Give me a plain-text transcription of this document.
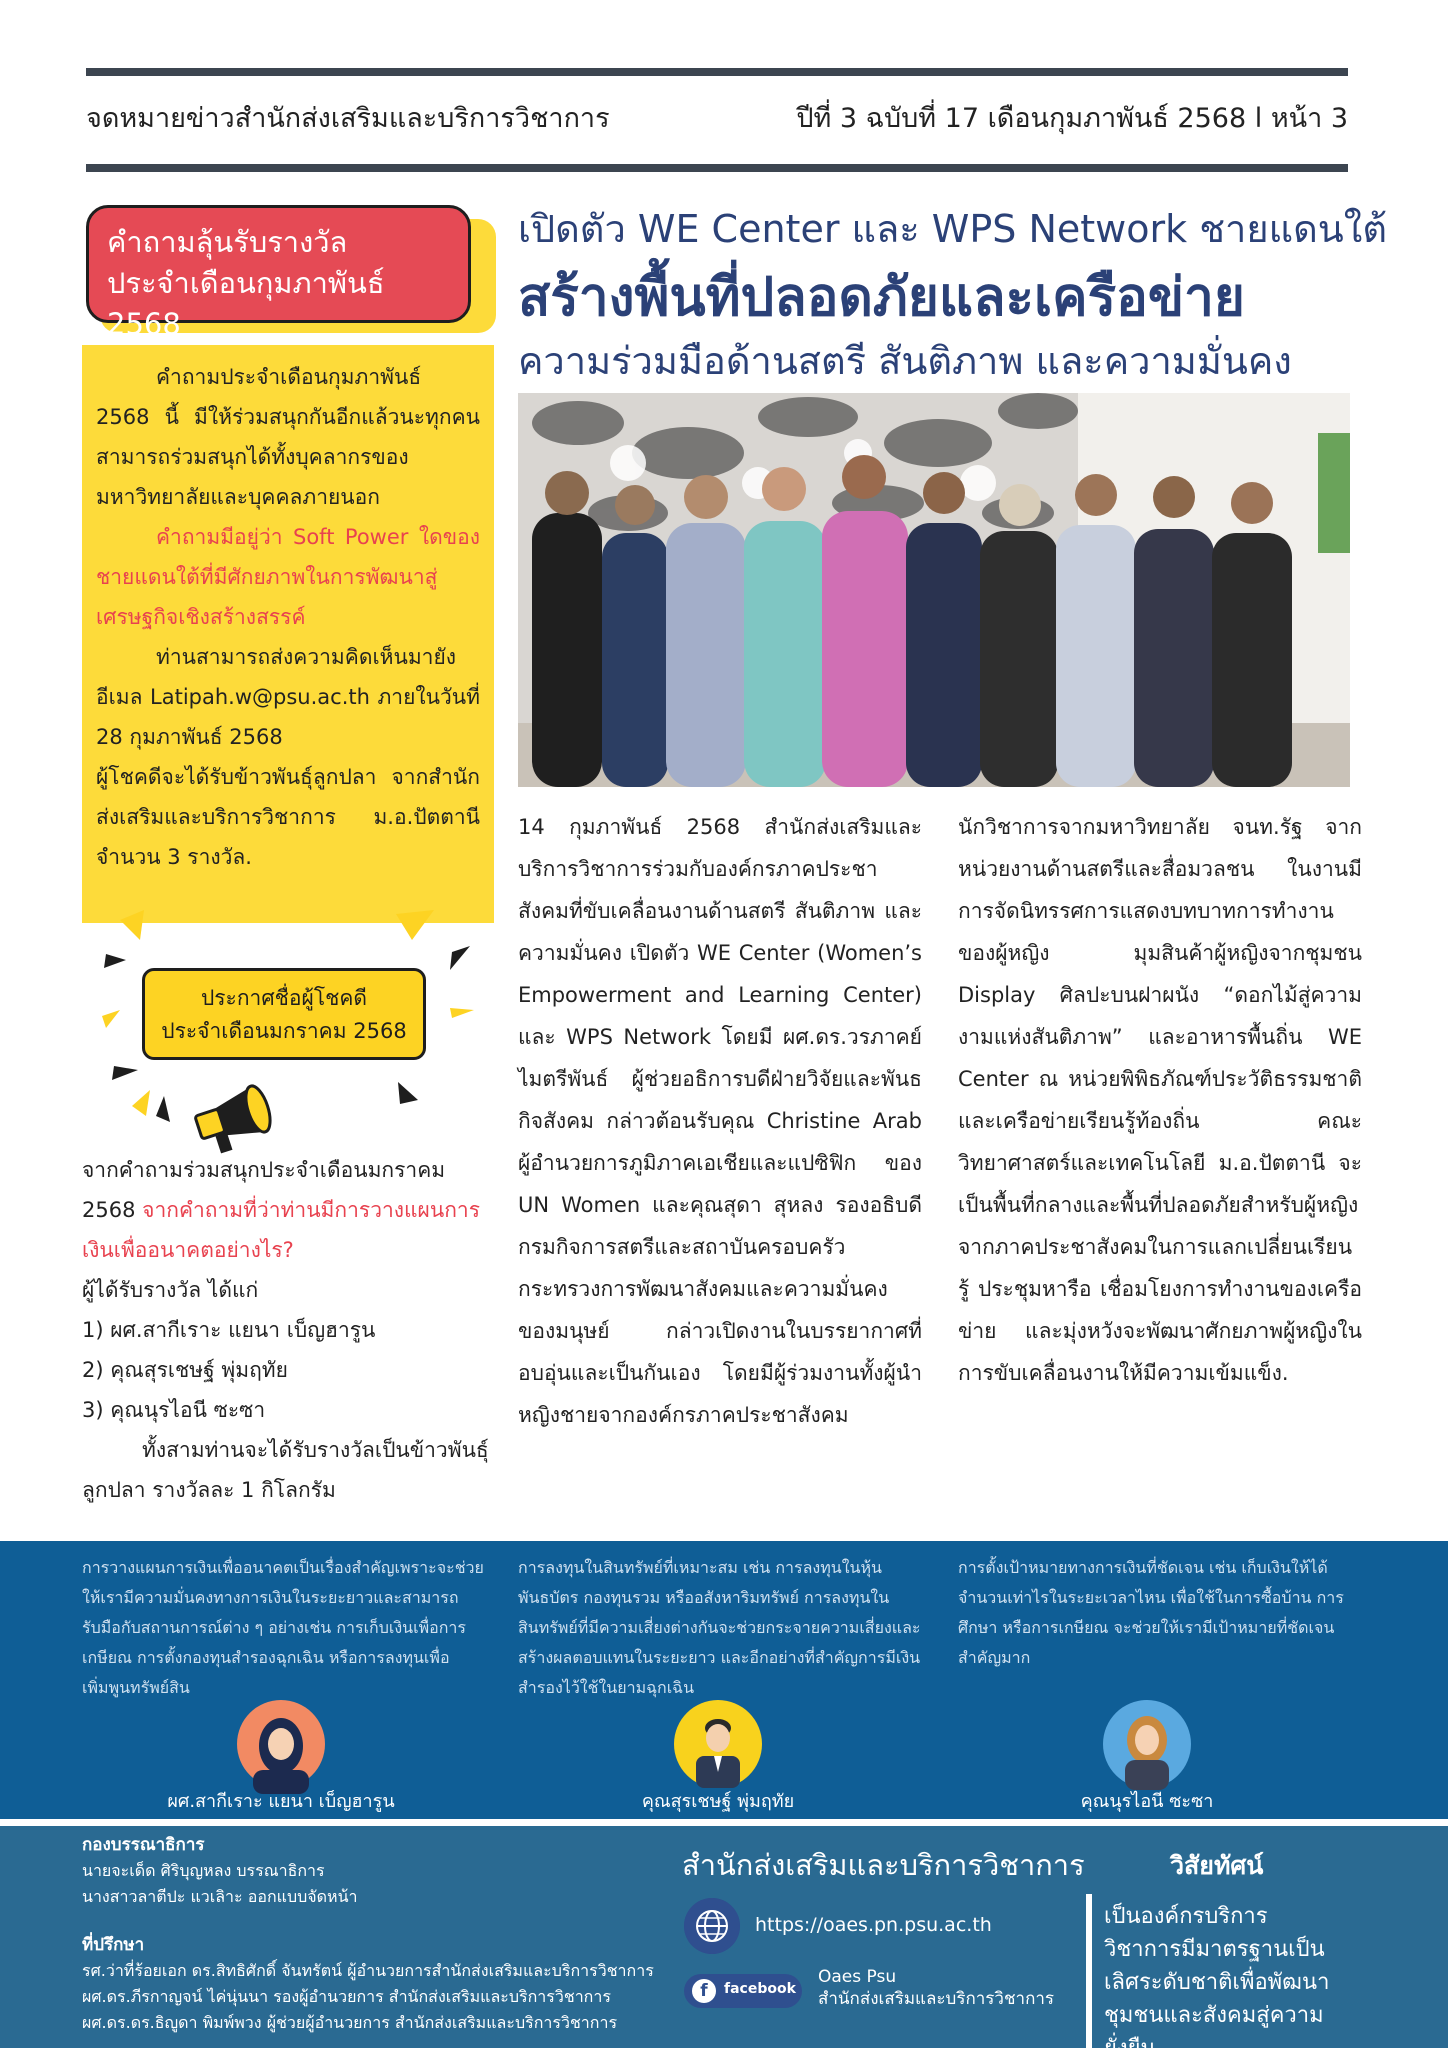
จดหมายข่าวสำนักส่งเสริมและบริการวิชาการ	ปีที่ 3 ฉบับที่ 17 เดือนกุมภาพันธ์ 2568 l หน้า 3
คำถามลุ้นรับรางวัล
ประจำเดือนกุมภาพันธ์ 2568

คำถามประจำเดือนกุมภาพันธ์ 2568 นี้ มีให้ร่วมสนุกกันอีกแล้วนะทุกคน สามารถร่วมสนุกได้ทั้งบุคลากรของมหาวิทยาลัยและบุคคลภายนอก

คำถามมีอยู่ว่า Soft Power ใดของชายแดนใต้ที่มีศักยภาพในการพัฒนาสู่เศรษฐกิจเชิงสร้างสรรค์

ท่านสามารถส่งความคิดเห็นมายังอีเมล Latipah.w@psu.ac.th ภายในวันที่ 28 กุมภาพันธ์ 2568

ผู้โชคดีจะได้รับข้าวพันธุ์ลูกปลา จากสำนักส่งเสริมและบริการวิชาการ ม.อ.ปัตตานี จำนวน 3 รางวัล.

ประกาศชื่อผู้โชคดี
ประจำเดือนมกราคม 2568
จากคำถามร่วมสนุกประจำเดือนมกราคม 2568 จากคำถามที่ว่าท่านมีการวางแผนการเงินเพื่ออนาคตอย่างไร?
ผู้ได้รับรางวัล ได้แก่
1) ผศ.สากีเราะ แยนา เบ็ญฮารูน
2) คุณสุรเชษฐ์ พุ่มฤทัย
3) คุณนุรไอนี ซะซา
ทั้งสามท่านจะได้รับรางวัลเป็นข้าวพันธุ์ลูกปลา รางวัลละ 1 กิโลกรัม
เปิดตัว WE Center และ WPS Network ชายแดนใต้
สร้างพื้นที่ปลอดภัยและเครือข่าย
ความร่วมมือด้านสตรี สันติภาพ และความมั่นคง
14 กุมภาพันธ์ 2568 สำนักส่งเสริมและบริการวิชาการร่วมกับองค์กรภาคประชาสังคมที่ขับเคลื่อนงานด้านสตรี สันติภาพ และความมั่นคง เปิดตัว WE Center (Women’s Empowerment and Learning Center) และ WPS Network โดยมี ผศ.ดร.วรภาคย์ ไมตรีพันธ์ ผู้ช่วยอธิการบดีฝ่ายวิจัยและพันธกิจสังคม กล่าวต้อนรับคุณ Christine Arab ผู้อำนวยการภูมิภาคเอเชียและแปซิฟิก ของ UN Women และคุณสุดา สุหลง รองอธิบดีกรมกิจการสตรีและสถาบันครอบครัว กระทรวงการพัฒนาสังคมและความมั่นคงของมนุษย์ กล่าวเปิดงานในบรรยากาศที่อบอุ่นและเป็นกันเอง โดยมีผู้ร่วมงานทั้งผู้นำหญิงชายจากองค์กรภาคประชาสังคม
นักวิชาการจากมหาวิทยาลัย จนท.รัฐ จากหน่วยงานด้านสตรีและสื่อมวลชน ในงานมีการจัดนิทรรศการแสดงบทบาทการทำงานของผู้หญิง มุมสินค้าผู้หญิงจากชุมชน Display ศิลปะบนฝาผนัง “ดอกไม้สู่ความงามแห่งสันติภาพ” และอาหารพื้นถิ่น WE Center ณ หน่วยพิพิธภัณฑ์ประวัติธรรมชาติและเครือข่ายเรียนรู้ท้องถิ่น คณะวิทยาศาสตร์และเทคโนโลยี ม.อ.ปัตตานี จะเป็นพื้นที่กลางและพื้นที่ปลอดภัยสำหรับผู้หญิงจากภาคประชาสังคมในการแลกเปลี่ยนเรียนรู้ ประชุมหารือ เชื่อมโยงการทำงานของเครือข่าย และมุ่งหวังจะพัฒนาศักยภาพผู้หญิงในการขับเคลื่อนงานให้มีความเข้มแข็ง.
การวางแผนการเงินเพื่ออนาคตเป็นเรื่องสำคัญเพราะจะช่วยให้เรามีความมั่นคงทางการเงินในระยะยาวและสามารถรับมือกับสถานการณ์ต่าง ๆ อย่างเช่น การเก็บเงินเพื่อการเกษียณ การตั้งกองทุนสำรองฉุกเฉิน หรือการลงทุนเพื่อเพิ่มพูนทรัพย์สิน
การลงทุนในสินทรัพย์ที่เหมาะสม เช่น การลงทุนในหุ้น พันธบัตร กองทุนรวม หรืออสังหาริมทรัพย์ การลงทุนในสินทรัพย์ที่มีความเสี่ยงต่างกันจะช่วยกระจายความเสี่ยงและสร้างผลตอบแทนในระยะยาว และอีกอย่างที่สำคัญการมีเงินสำรองไว้ใช้ในยามฉุกเฉิน
การตั้งเป้าหมายทางการเงินที่ชัดเจน เช่น เก็บเงินให้ได้จำนวนเท่าไรในระยะเวลาไหน เพื่อใช้ในการซื้อบ้าน การศึกษา หรือการเกษียณ จะช่วยให้เรามีเป้าหมายที่ชัดเจนสำคัญมาก
ผศ.สากีเราะ แยนา เบ็ญฮารูน	คุณสุรเชษฐ์ พุ่มฤทัย	คุณนุรไอนี ซะซา
กองบรรณาธิการ
นายจะเด็ด ศิริบุญหลง บรรณาธิการ
นางสาวลาตีปะ แวเลิาะ ออกแบบจัดหน้า
ที่ปรึกษา
รศ.ว่าที่ร้อยเอก ดร.สิทธิศักดิ์ จันทรัตน์ ผู้อำนวยการสำนักส่งเสริมและบริการวิชาการ
ผศ.ดร.ภีรกาญจน์ ไค่นุ่นนา รองผู้อำนวยการ สำนักส่งเสริมและบริการวิชาการ
ผศ.ดร.ดร.ธิญูดา พิมพ์พวง ผู้ช่วยผู้อำนวยการ สำนักส่งเสริมและบริการวิชาการ
สำนักส่งเสริมและบริการวิชาการ
https://oaes.pn.psu.ac.th
f	facebook
Oaes Psu
สำนักส่งเสริมและบริการวิชาการ
วิสัยทัศน์
เป็นองค์กรบริการวิชาการมีมาตรฐานเป็นเลิศระดับชาติเพื่อพัฒนาชุมชนและสังคมสู่ความยั่งยืน
